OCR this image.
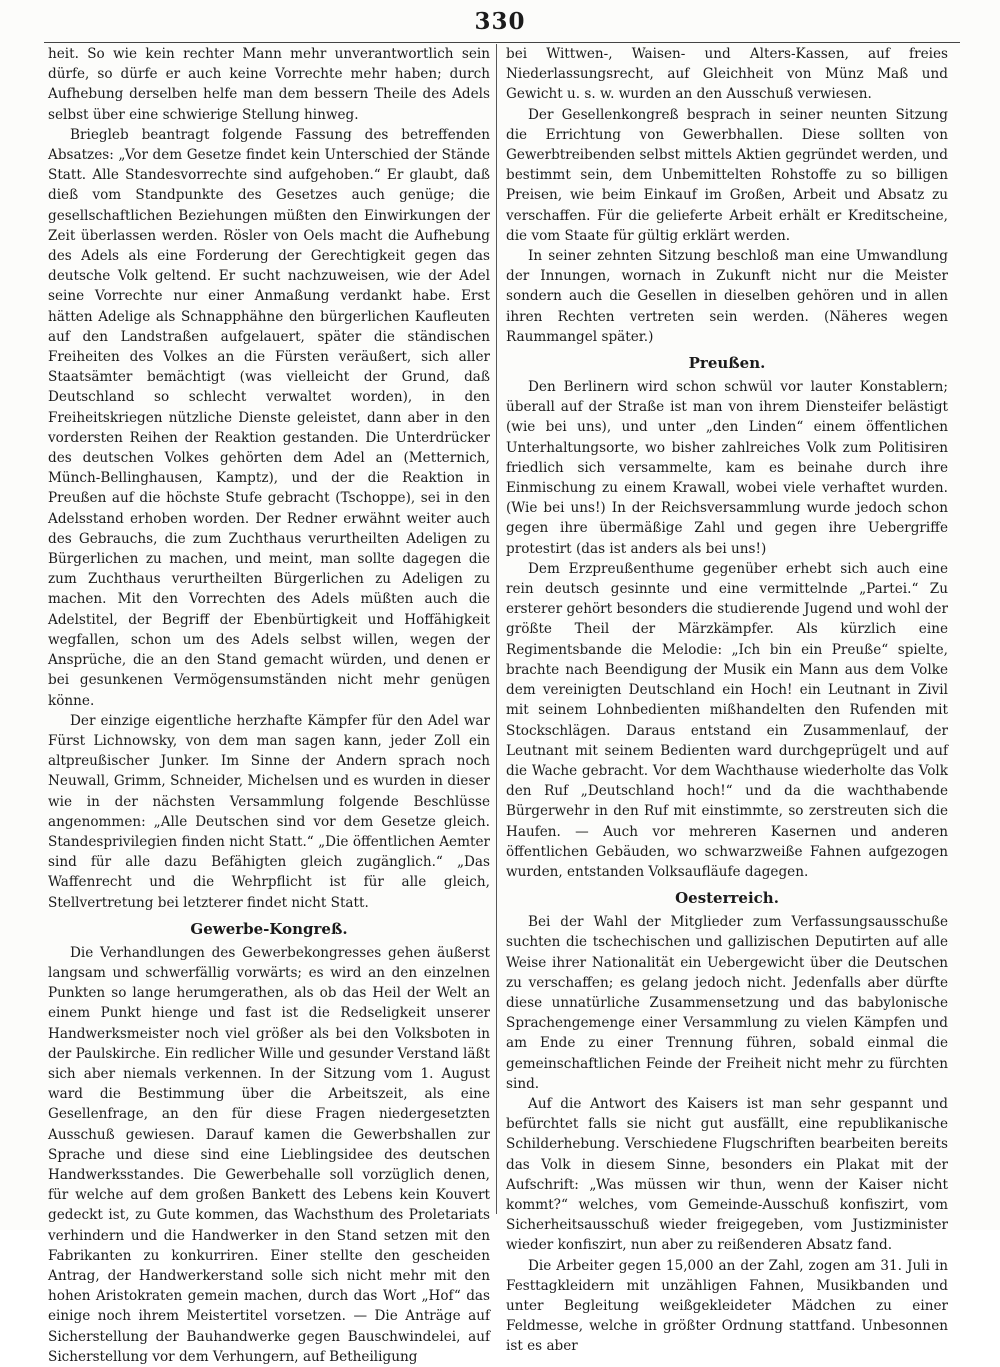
330

heit. So wie kein rechter Mann mehr unverantwortlich sein dürfe, so dürfe er auch keine Vorrechte mehr haben; durch Aufhebung derselben helfe man dem bessern Theile des Adels selbst über eine schwierige Stellung hinweg.

Briegleb beantragt folgende Fassung des betreffenden Absatzes: „Vor dem Gesetze findet kein Unterschied der Stände Statt. Alle Standesvorrechte sind aufgehoben.“ Er glaubt, daß dieß vom Standpunkte des Gesetzes auch genüge; die gesellschaftlichen Beziehungen müßten den Einwirkungen der Zeit überlassen werden. Rösler von Oels macht die Aufhebung des Adels als eine Forderung der Gerechtigkeit gegen das deutsche Volk geltend. Er sucht nachzuweisen, wie der Adel seine Vorrechte nur einer Anmaßung verdankt habe. Erst hätten Adelige als Schnapphähne den bürgerlichen Kaufleuten auf den Landstraßen aufgelauert, später die ständischen Freiheiten des Volkes an die Fürsten veräußert, sich aller Staatsämter bemächtigt (was vielleicht der Grund, daß Deutschland so schlecht verwaltet worden), in den Freiheitskriegen nützliche Dienste geleistet, dann aber in den vordersten Reihen der Reaktion gestanden. Die Unterdrücker des deutschen Volkes gehörten dem Adel an (Metternich, Münch-Bellinghausen, Kamptz), und der die Reaktion in Preußen auf die höchste Stufe gebracht (Tschoppe), sei in den Adelsstand erhoben worden. Der Redner erwähnt weiter auch des Gebrauchs, die zum Zuchthaus verurtheilten Adeligen zu Bürgerlichen zu machen, und meint, man sollte dagegen die zum Zuchthaus verurtheilten Bürgerlichen zu Adeligen zu machen. Mit den Vorrechten des Adels müßten auch die Adelstitel, der Begriff der Ebenbürtigkeit und Hoffähigkeit wegfallen, schon um des Adels selbst willen, wegen der Ansprüche, die an den Stand gemacht würden, und denen er bei gesunkenen Vermögensumständen nicht mehr genügen könne.

Der einzige eigentliche herzhafte Kämpfer für den Adel war Fürst Lichnowsky, von dem man sagen kann, jeder Zoll ein altpreußischer Junker. Im Sinne der Andern sprach noch Neuwall, Grimm, Schneider, Michelsen und es wurden in dieser wie in der nächsten Versammlung folgende Beschlüsse angenommen: „Alle Deutschen sind vor dem Gesetze gleich. Standesprivilegien finden nicht Statt.“ „Die öffentlichen Aemter sind für alle dazu Befähigten gleich zugänglich.“ „Das Waffenrecht und die Wehrpflicht ist für alle gleich, Stellvertretung bei letzterer findet nicht Statt.

Gewerbe-Kongreß.

Die Verhandlungen des Gewerbekongresses gehen äußerst langsam und schwerfällig vorwärts; es wird an den einzelnen Punkten so lange herumgerathen, als ob das Heil der Welt an einem Punkt hienge und fast ist die Redseligkeit unserer Handwerksmeister noch viel größer als bei den Volksboten in der Paulskirche. Ein redlicher Wille und gesunder Verstand läßt sich aber niemals verkennen. In der Sitzung vom 1. August ward die Bestimmung über die Arbeitszeit, als eine Gesellenfrage, an den für diese Fragen niedergesetzten Ausschuß gewiesen. Darauf kamen die Gewerbshallen zur Sprache und diese sind eine Lieblingsidee des deutschen Handwerksstandes. Die Gewerbehalle soll vorzüglich denen, für welche auf dem großen Bankett des Lebens kein Kouvert gedeckt ist, zu Gute kommen, das Wachsthum des Proletariats verhindern und die Handwerker in den Stand setzen mit den Fabrikanten zu konkurriren. Einer stellte den gescheiden Antrag, der Handwerkerstand solle sich nicht mehr mit den hohen Aristokraten gemein machen, durch das Wort „Hof“ das einige noch ihrem Meistertitel vorsetzen. — Die Anträge auf Sicherstellung der Bauhandwerke gegen Bauschwindelei, auf Sicherstellung vor dem Verhungern, auf Betheiligung

bei Wittwen-, Waisen- und Alters-Kassen, auf freies Niederlassungsrecht, auf Gleichheit von Münz Maß und Gewicht u. s. w. wurden an den Ausschuß verwiesen.

Der Gesellenkongreß besprach in seiner neunten Sitzung die Errichtung von Gewerbhallen. Diese sollten von Gewerbtreibenden selbst mittels Aktien gegründet werden, und bestimmt sein, dem Unbemittelten Rohstoffe zu so billigen Preisen, wie beim Einkauf im Großen, Arbeit und Absatz zu verschaffen. Für die gelieferte Arbeit erhält er Kreditscheine, die vom Staate für gültig erklärt werden.

In seiner zehnten Sitzung beschloß man eine Umwandlung der Innungen, wornach in Zukunft nicht nur die Meister sondern auch die Gesellen in dieselben gehören und in allen ihren Rechten vertreten sein werden. (Näheres wegen Raummangel später.)

Preußen.

Den Berlinern wird schon schwül vor lauter Konstablern; überall auf der Straße ist man von ihrem Diensteifer belästigt (wie bei uns), und unter „den Linden“ einem öffentlichen Unterhaltungsorte, wo bisher zahlreiches Volk zum Politisiren friedlich sich versammelte, kam es beinahe durch ihre Einmischung zu einem Krawall, wobei viele verhaftet wurden. (Wie bei uns!) In der Reichsversammlung wurde jedoch schon gegen ihre übermäßige Zahl und gegen ihre Uebergriffe protestirt (das ist anders als bei uns!)

Dem Erzpreußenthume gegenüber erhebt sich auch eine rein deutsch gesinnte und eine vermittelnde „Partei.“ Zu ersterer gehört besonders die studierende Jugend und wohl der größte Theil der Märzkämpfer. Als kürzlich eine Regimentsbande die Melodie: „Ich bin ein Preuße“ spielte, brachte nach Beendigung der Musik ein Mann aus dem Volke dem vereinigten Deutschland ein Hoch! ein Leutnant in Zivil mit seinem Lohnbedienten mißhandelten den Rufenden mit Stockschlägen. Daraus entstand ein Zusammenlauf, der Leutnant mit seinem Bedienten ward durchgeprügelt und auf die Wache gebracht. Vor dem Wachthause wiederholte das Volk den Ruf „Deutschland hoch!“ und da die wachthabende Bürgerwehr in den Ruf mit einstimmte, so zerstreuten sich die Haufen. — Auch vor mehreren Kasernen und anderen öffentlichen Gebäuden, wo schwarzweiße Fahnen aufgezogen wurden, entstanden Volksaufläufe dagegen.

Oesterreich.

Bei der Wahl der Mitglieder zum Verfassungsausschuße suchten die tschechischen und gallizischen Deputirten auf alle Weise ihrer Nationalität ein Uebergewicht über die Deutschen zu verschaffen; es gelang jedoch nicht. Jedenfalls aber dürfte diese unnatürliche Zusammensetzung und das babylonische Sprachengemenge einer Versammlung zu vielen Kämpfen und am Ende zu einer Trennung führen, sobald einmal die gemeinschaftlichen Feinde der Freiheit nicht mehr zu fürchten sind.

Auf die Antwort des Kaisers ist man sehr gespannt und befürchtet falls sie nicht gut ausfällt, eine republikanische Schilderhebung. Verschiedene Flugschriften bearbeiten bereits das Volk in diesem Sinne, besonders ein Plakat mit der Aufschrift: „Was müssen wir thun, wenn der Kaiser nicht kommt?“ welches, vom Gemeinde-Ausschuß konfiszirt, vom Sicherheitsausschuß wieder freigegeben, vom Justizminister wieder konfiszirt, nun aber zu reißenderen Absatz fand.

Die Arbeiter gegen 15,000 an der Zahl, zogen am 31. Juli in Festtagkleidern mit unzähligen Fahnen, Musikbanden und unter Begleitung weißgekleideter Mädchen zu einer Feldmesse, welche in größter Ordnung stattfand. Unbesonnen ist es aber
